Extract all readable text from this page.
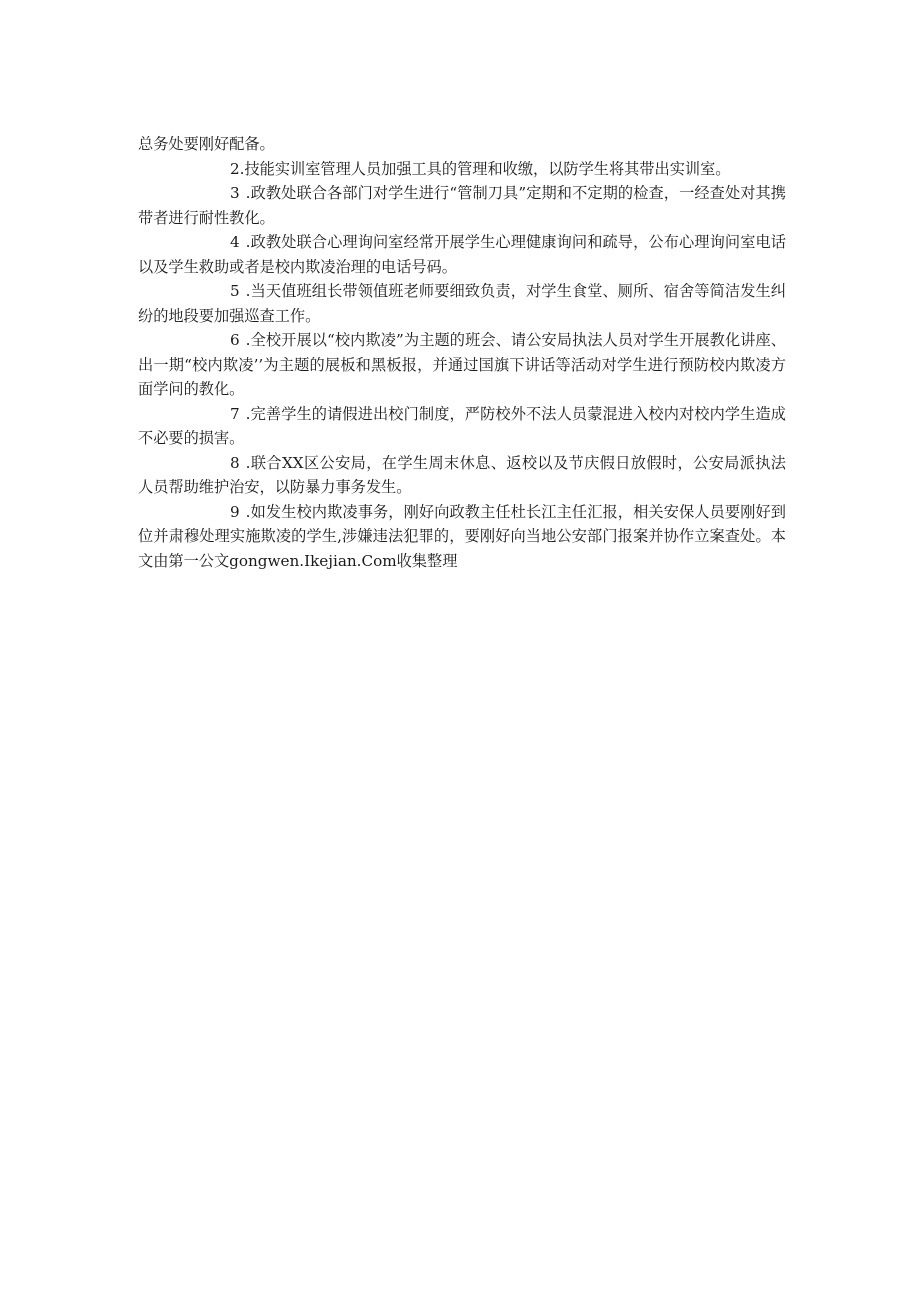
总务处要刚好配备。

2.技能实训室管理人员加强工具的管理和收缴，以防学生将其带出实训室。

3 .政教处联合各部门对学生进行“管制刀具”定期和不定期的检查，一经查处对其携带者进行耐性教化。

4 .政教处联合心理询问室经常开展学生心理健康询问和疏导，公布心理询问室电话以及学生救助或者是校内欺凌治理的电话号码。

5 .当天值班组长带领值班老师要细致负责，对学生食堂、厕所、宿舍等简洁发生纠纷的地段要加强巡查工作。

6 .全校开展以“校内欺凌”为主题的班会、请公安局执法人员对学生开展教化讲座、出一期“校内欺凌’’为主题的展板和黑板报，并通过国旗下讲话等活动对学生进行预防校内欺凌方面学问的教化。

7 .完善学生的请假进出校门制度，严防校外不法人员蒙混进入校内对校内学生造成不必要的损害。

8 .联合XX区公安局，在学生周末休息、返校以及节庆假日放假时，公安局派执法人员帮助维护治安，以防暴力事务发生。

9 .如发生校内欺凌事务，刚好向政教主任杜长江主任汇报，相关安保人员要刚好到位并肃穆处理实施欺凌的学生,涉嫌违法犯罪的，要刚好向当地公安部门报案并协作立案查处。本文由第一公文gongwen.Ikejian.Com收集整理
